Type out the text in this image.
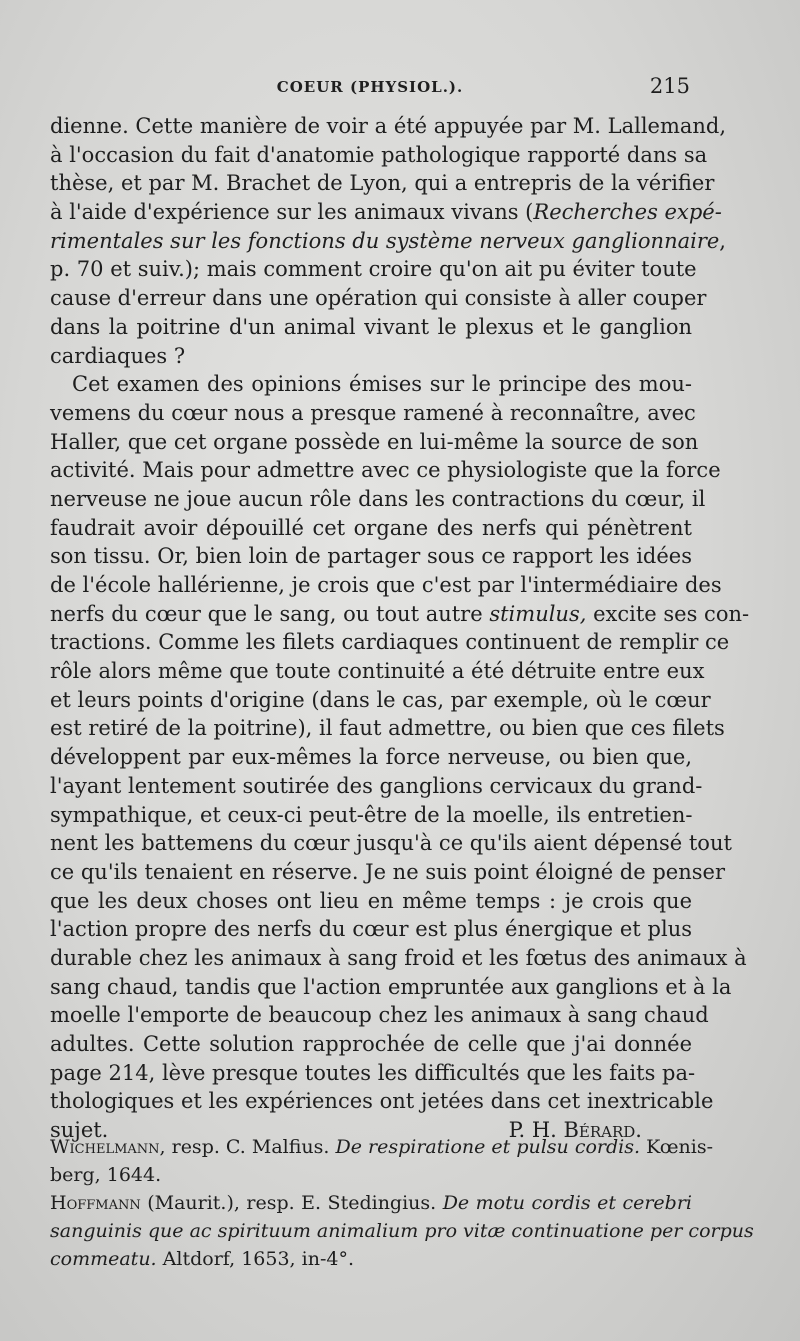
COEUR (PHYSIOL.).	215
dienne. Cette manière de voir a été appuyée par M. Lallemand,
à l'occasion du fait d'anatomie pathologique rapporté dans sa
thèse, et par M. Brachet de Lyon, qui a entrepris de la vérifier
à l'aide d'expérience sur les animaux vivans (Recherches expé-
rimentales sur les fonctions du système nerveux ganglionnaire,
p. 70 et suiv.); mais comment croire qu'on ait pu éviter toute
cause d'erreur dans une opération qui consiste à aller couper
dans la poitrine d'un animal vivant le plexus et le ganglion
cardiaques ?
Cet examen des opinions émises sur le principe des mou-
vemens du cœur nous a presque ramené à reconnaître, avec
Haller, que cet organe possède en lui-même la source de son
activité. Mais pour admettre avec ce physiologiste que la force
nerveuse ne joue aucun rôle dans les contractions du cœur, il
faudrait avoir dépouillé cet organe des nerfs qui pénètrent
son tissu. Or, bien loin de partager sous ce rapport les idées
de l'école hallérienne, je crois que c'est par l'intermédiaire des
nerfs du cœur que le sang, ou tout autre stimulus, excite ses con-
tractions. Comme les filets cardiaques continuent de remplir ce
rôle alors même que toute continuité a été détruite entre eux
et leurs points d'origine (dans le cas, par exemple, où le cœur
est retiré de la poitrine), il faut admettre, ou bien que ces filets
développent par eux-mêmes la force nerveuse, ou bien que,
l'ayant lentement soutirée des ganglions cervicaux du grand-
sympathique, et ceux-ci peut-être de la moelle, ils entretien-
nent les battemens du cœur jusqu'à ce qu'ils aient dépensé tout
ce qu'ils tenaient en réserve. Je ne suis point éloigné de penser
que les deux choses ont lieu en même temps : je crois que
l'action propre des nerfs du cœur est plus énergique et plus
durable chez les animaux à sang froid et les fœtus des animaux à
sang chaud, tandis que l'action empruntée aux ganglions et à la
moelle l'emporte de beaucoup chez les animaux à sang chaud
adultes. Cette solution rapprochée de celle que j'ai donnée
page 214, lève presque toutes les difficultés que les faits pa-
thologiques et les expériences ont jetées dans cet inextricable
sujet.	P. H. Bérard.
Wichelmann, resp. C. Malfius. De respiratione et pulsu cordis. Kœnis-
berg, 1644.
Hoffmann (Maurit.), resp. E. Stedingius. De motu cordis et cerebri
sanguinis que ac spirituum animalium pro vitæ continuatione per corpus
commeatu. Altdorf, 1653, in-4°.
